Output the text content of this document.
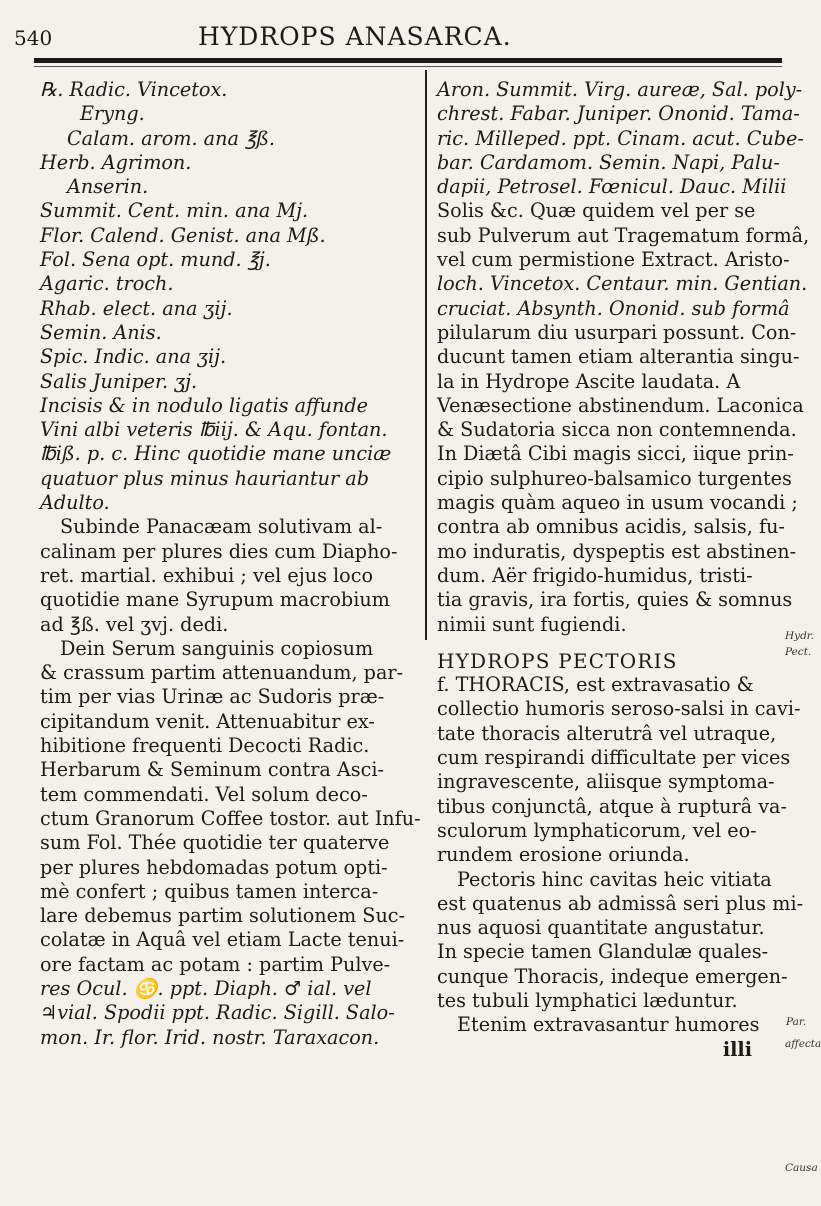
540	HYDROPS ANASARCA.

℞. Radic. Vincetox.

Eryng.

Calam. arom. ana ℥ß.

Herb. Agrimon.

Anserin.

Summit. Cent. min. ana Mj.

Flor. Calend. Genist. ana Mß.

Fol. Sena opt. mund. ℥j.

Agaric. troch.

Rhab. elect. ana ʒij.

Semin. Anis.

Spic. Indic. ana ʒij.

Salis Juniper. ʒj.

Incisis & in nodulo ligatis affunde

Vini albi veteris ℔iij. & Aqu. fontan.

℔iß. p. c. Hinc quotidie mane unciæ

quatuor plus minus hauriantur ab

Adulto.

Subinde Panacæam solutivam al-

calinam per plures dies cum Diapho-

ret. martial. exhibui ; vel ejus loco

quotidie mane Syrupum macrobium

ad ℥ß. vel ʒvj. dedi.

Dein Serum sanguinis copiosum

& crassum partim attenuandum, par-

tim per vias Urinæ ac Sudoris præ-

cipitandum venit. Attenuabitur ex-

hibitione frequenti Decocti Radic.

Herbarum & Seminum contra Asci-

tem commendati. Vel solum deco-

ctum Granorum Coffee tostor. aut Infu-

sum Fol. Thée quotidie ter quaterve

per plures hebdomadas potum opti-

mè confert ; quibus tamen interca-

lare debemus partim solutionem Suc-

colatæ in Aquâ vel etiam Lacte tenui-

ore factam ac potam : partim Pulve-

res Ocul. ♋. ppt. Diaph. ♂ ial. vel

♃vial. Spodii ppt. Radic. Sigill. Salo-

mon. Ir. flor. Irid. nostr. Taraxacon.

Aron. Summit. Virg. aureæ, Sal. poly-

chrest. Fabar. Juniper. Ononid. Tama-

ric. Milleped. ppt. Cinam. acut. Cube-

bar. Cardamom. Semin. Napi, Palu-

dapii, Petrosel. Fœnicul. Dauc. Milii

Solis &c. Quæ quidem vel per se

sub Pulverum aut Tragematum formâ,

vel cum permistione Extract. Aristo-

loch. Vincetox. Centaur. min. Gentian.

cruciat. Absynth. Ononid. sub formâ

pilularum diu usurpari possunt. Con-

ducunt tamen etiam alterantia singu-

la in Hydrope Ascite laudata. A

Venæsectione abstinendum. Laconica

& Sudatoria sicca non contemnenda.

In Diætâ Cibi magis sicci, iique prin-

cipio sulphureo-balsamico turgentes

magis quàm aqueo in usum vocandi ;

contra ab omnibus acidis, salsis, fu-

mo induratis, dyspeptis est abstinen-

dum. Aër frigido-humidus, tristi-

tia gravis, ira fortis, quies & somnus

nimii sunt fugiendi.

HYDROPS PECTORIS

f. THORACIS, est extravasatio &

collectio humoris seroso-salsi in cavi-

tate thoracis alterutrâ vel utraque,

cum respirandi difficultate per vices

ingravescente, aliisque symptoma-

tibus conjunctâ, atque à rupturâ va-

sculorum lymphaticorum, vel eo-

rundem erosione oriunda.

Pectoris hinc cavitas heic vitiata

est quatenus ab admissâ seri plus mi-

nus aquosi quantitate angustatur.

In specie tamen Glandulæ quales-

cunque Thoracis, indeque emergen-

tes tubuli lymphatici læduntur.

Etenim extravasantur humores

illi

Hydr.
Pect.
Par.
affecta
Causa
